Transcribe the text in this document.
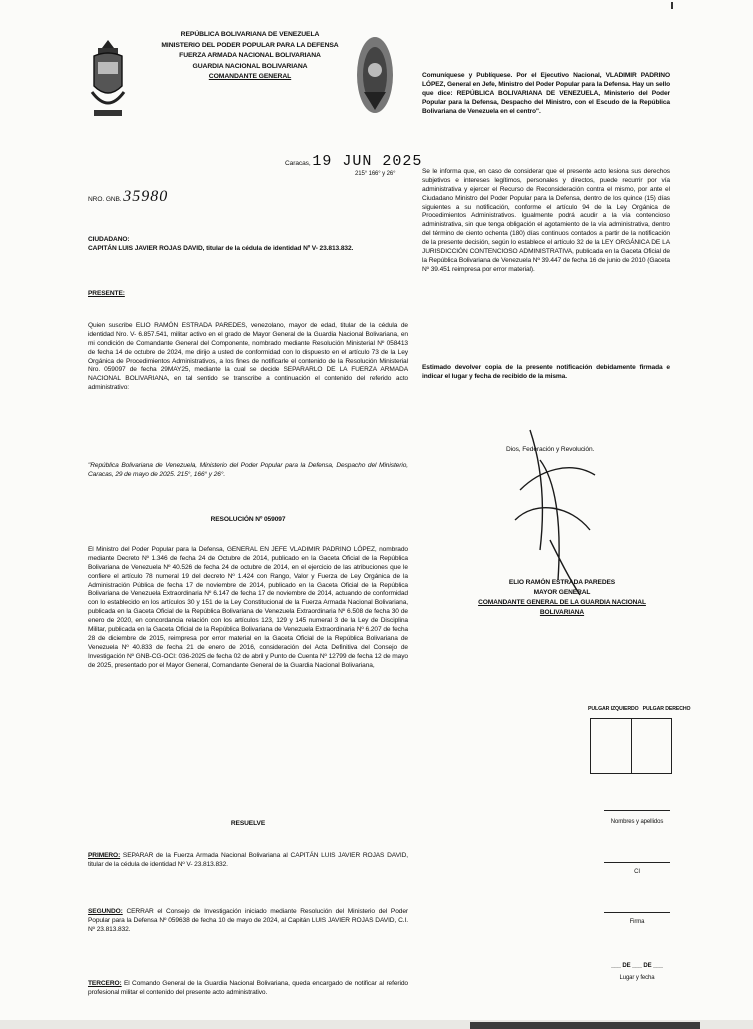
REPÚBLICA BOLIVARIANA DE VENEZUELA
MINISTERIO DEL PODER POPULAR PARA LA DEFENSA
FUERZA ARMADA NACIONAL BOLIVARIANA
GUARDIA NACIONAL BOLIVARIANA
COMANDANTE GENERAL
Caracas, 19 JUN 2025
215° 166° y 26°
NRO. GNB. 35980
CIUDADANO:
CAPITÁN LUIS JAVIER ROJAS DAVID, titular de la cédula de identidad Nº V- 23.813.832.
PRESENTE:

Quien suscribe ELIO RAMÓN ESTRADA PAREDES, venezolano, mayor de edad, titular de la cédula de identidad Nro. V- 6.857.541, militar activo en el grado de Mayor General de la Guardia Nacional Bolivariana, en mi condición de Comandante General del Componente, nombrado mediante Resolución Ministerial Nº 058413 de fecha 14 de octubre de 2024, me dirijo a usted de conformidad con lo dispuesto en el artículo 73 de la Ley Orgánica de Procedimientos Administrativos, a los fines de notificarle el contenido de la Resolución Ministerial Nro. 059097 de fecha 29MAY25, mediante la cual se decide SEPARARLO DE LA FUERZA ARMADA NACIONAL BOLIVARIANA, en tal sentido se transcribe a continuación el contenido del referido acto administrativo:

"República Bolivariana de Venezuela, Ministerio del Poder Popular para la Defensa, Despacho del Ministerio, Caracas, 29 de mayo de 2025. 215°, 166° y 26°.

RESOLUCIÓN Nº 059097

El Ministro del Poder Popular para la Defensa, GENERAL EN JEFE VLADIMIR PADRINO LÓPEZ, nombrado mediante Decreto Nº 1.346 de fecha 24 de Octubre de 2014, publicado en la Gaceta Oficial de la República Bolivariana de Venezuela Nº 40.526 de fecha 24 de octubre de 2014, en el ejercicio de las atribuciones que le confiere el artículo 78 numeral 19 del decreto Nº 1.424 con Rango, Valor y Fuerza de Ley Orgánica de la Administración Pública de fecha 17 de noviembre de 2014, publicado en la Gaceta Oficial de la República Bolivariana de Venezuela Extraordinaria Nº 6.147 de fecha 17 de noviembre de 2014, actuando de conformidad con lo establecido en los artículos 30 y 151 de la Ley Constitucional de la Fuerza Armada Nacional Bolivariana, publicada en la Gaceta Oficial de la República Bolivariana de Venezuela Extraordinaria Nº 6.508 de fecha 30 de enero de 2020, en concordancia relación con los artículos 123, 129 y 145 numeral 3 de la Ley de Disciplina Militar, publicada en la Gaceta Oficial de la República Bolivariana de Venezuela Extraordinaria Nº 6.207 de fecha 28 de diciembre de 2015, reimpresa por error material en la Gaceta Oficial de la República Bolivariana de Venezuela Nº 40.833 de fecha 21 de enero de 2016, consideración del Acta Definitiva del Consejo de Investigación Nº GNB-CG-OCI: 036-2025 de fecha 02 de abril y Punto de Cuenta Nº 12799 de fecha 12 de mayo de 2025, presentado por el Mayor General, Comandante General de la Guardia Nacional Bolivariana,

RESUELVE

PRIMERO: SEPARAR de la Fuerza Armada Nacional Bolivariana al CAPITÁN LUIS JAVIER ROJAS DAVID, titular de la cédula de identidad Nº V- 23.813.832.

SEGUNDO: CERRAR el Consejo de Investigación iniciado mediante Resolución del Ministerio del Poder Popular para la Defensa Nº 059638 de fecha 10 de mayo de 2024, al Capitán LUIS JAVIER ROJAS DAVID, C.I. Nº 23.813.832.

TERCERO: El Comando General de la Guardia Nacional Bolivariana, queda encargado de notificar al referido profesional militar el contenido del presente acto administrativo.

Comuníquese y Publíquese. Por el Ejecutivo Nacional, VLADIMIR PADRINO LÓPEZ, General en Jefe, Ministro del Poder Popular para la Defensa. Hay un sello que dice: REPÚBLICA BOLIVARIANA DE VENEZUELA, Ministerio del Poder Popular para la Defensa, Despacho del Ministro, con el Escudo de la República Bolivariana de Venezuela en el centro".

Se le informa que, en caso de considerar que el presente acto lesiona sus derechos subjetivos e intereses legítimos, personales y directos, puede recurrir por vía administrativa y ejercer el Recurso de Reconsideración contra el mismo, por ante el Ciudadano Ministro del Poder Popular para la Defensa, dentro de los quince (15) días siguientes a su notificación, conforme el artículo 94 de la Ley Orgánica de Procedimientos Administrativos. Igualmente podrá acudir a la vía contencioso administrativa, sin que tenga obligación el agotamiento de la vía administrativa, dentro del término de ciento ochenta (180) días continuos contados a partir de la notificación de la presente decisión, según lo establece el artículo 32 de la LEY ORGÁNICA DE LA JURISDICCIÓN CONTENCIOSO ADMINISTRATIVA, publicada en la Gaceta Oficial de la República Bolivariana de Venezuela Nº 39.447 de fecha 16 de junio de 2010 (Gaceta Nº 39.451 reimpresa por error material).

Estimado devolver copia de la presente notificación debidamente firmada e indicar el lugar y fecha de recibido de la misma.

Dios, Federación y Revolución.
ELIO RAMÓN ESTRADA PAREDES
MAYOR GENERAL
COMANDANTE GENERAL DE LA GUARDIA NACIONAL BOLIVARIANA
PULGAR IZQUIERDO PULGAR DERECHO
Nombres y apellidos
CI
Firma
___ DE ___ DE ___
Lugar y fecha
